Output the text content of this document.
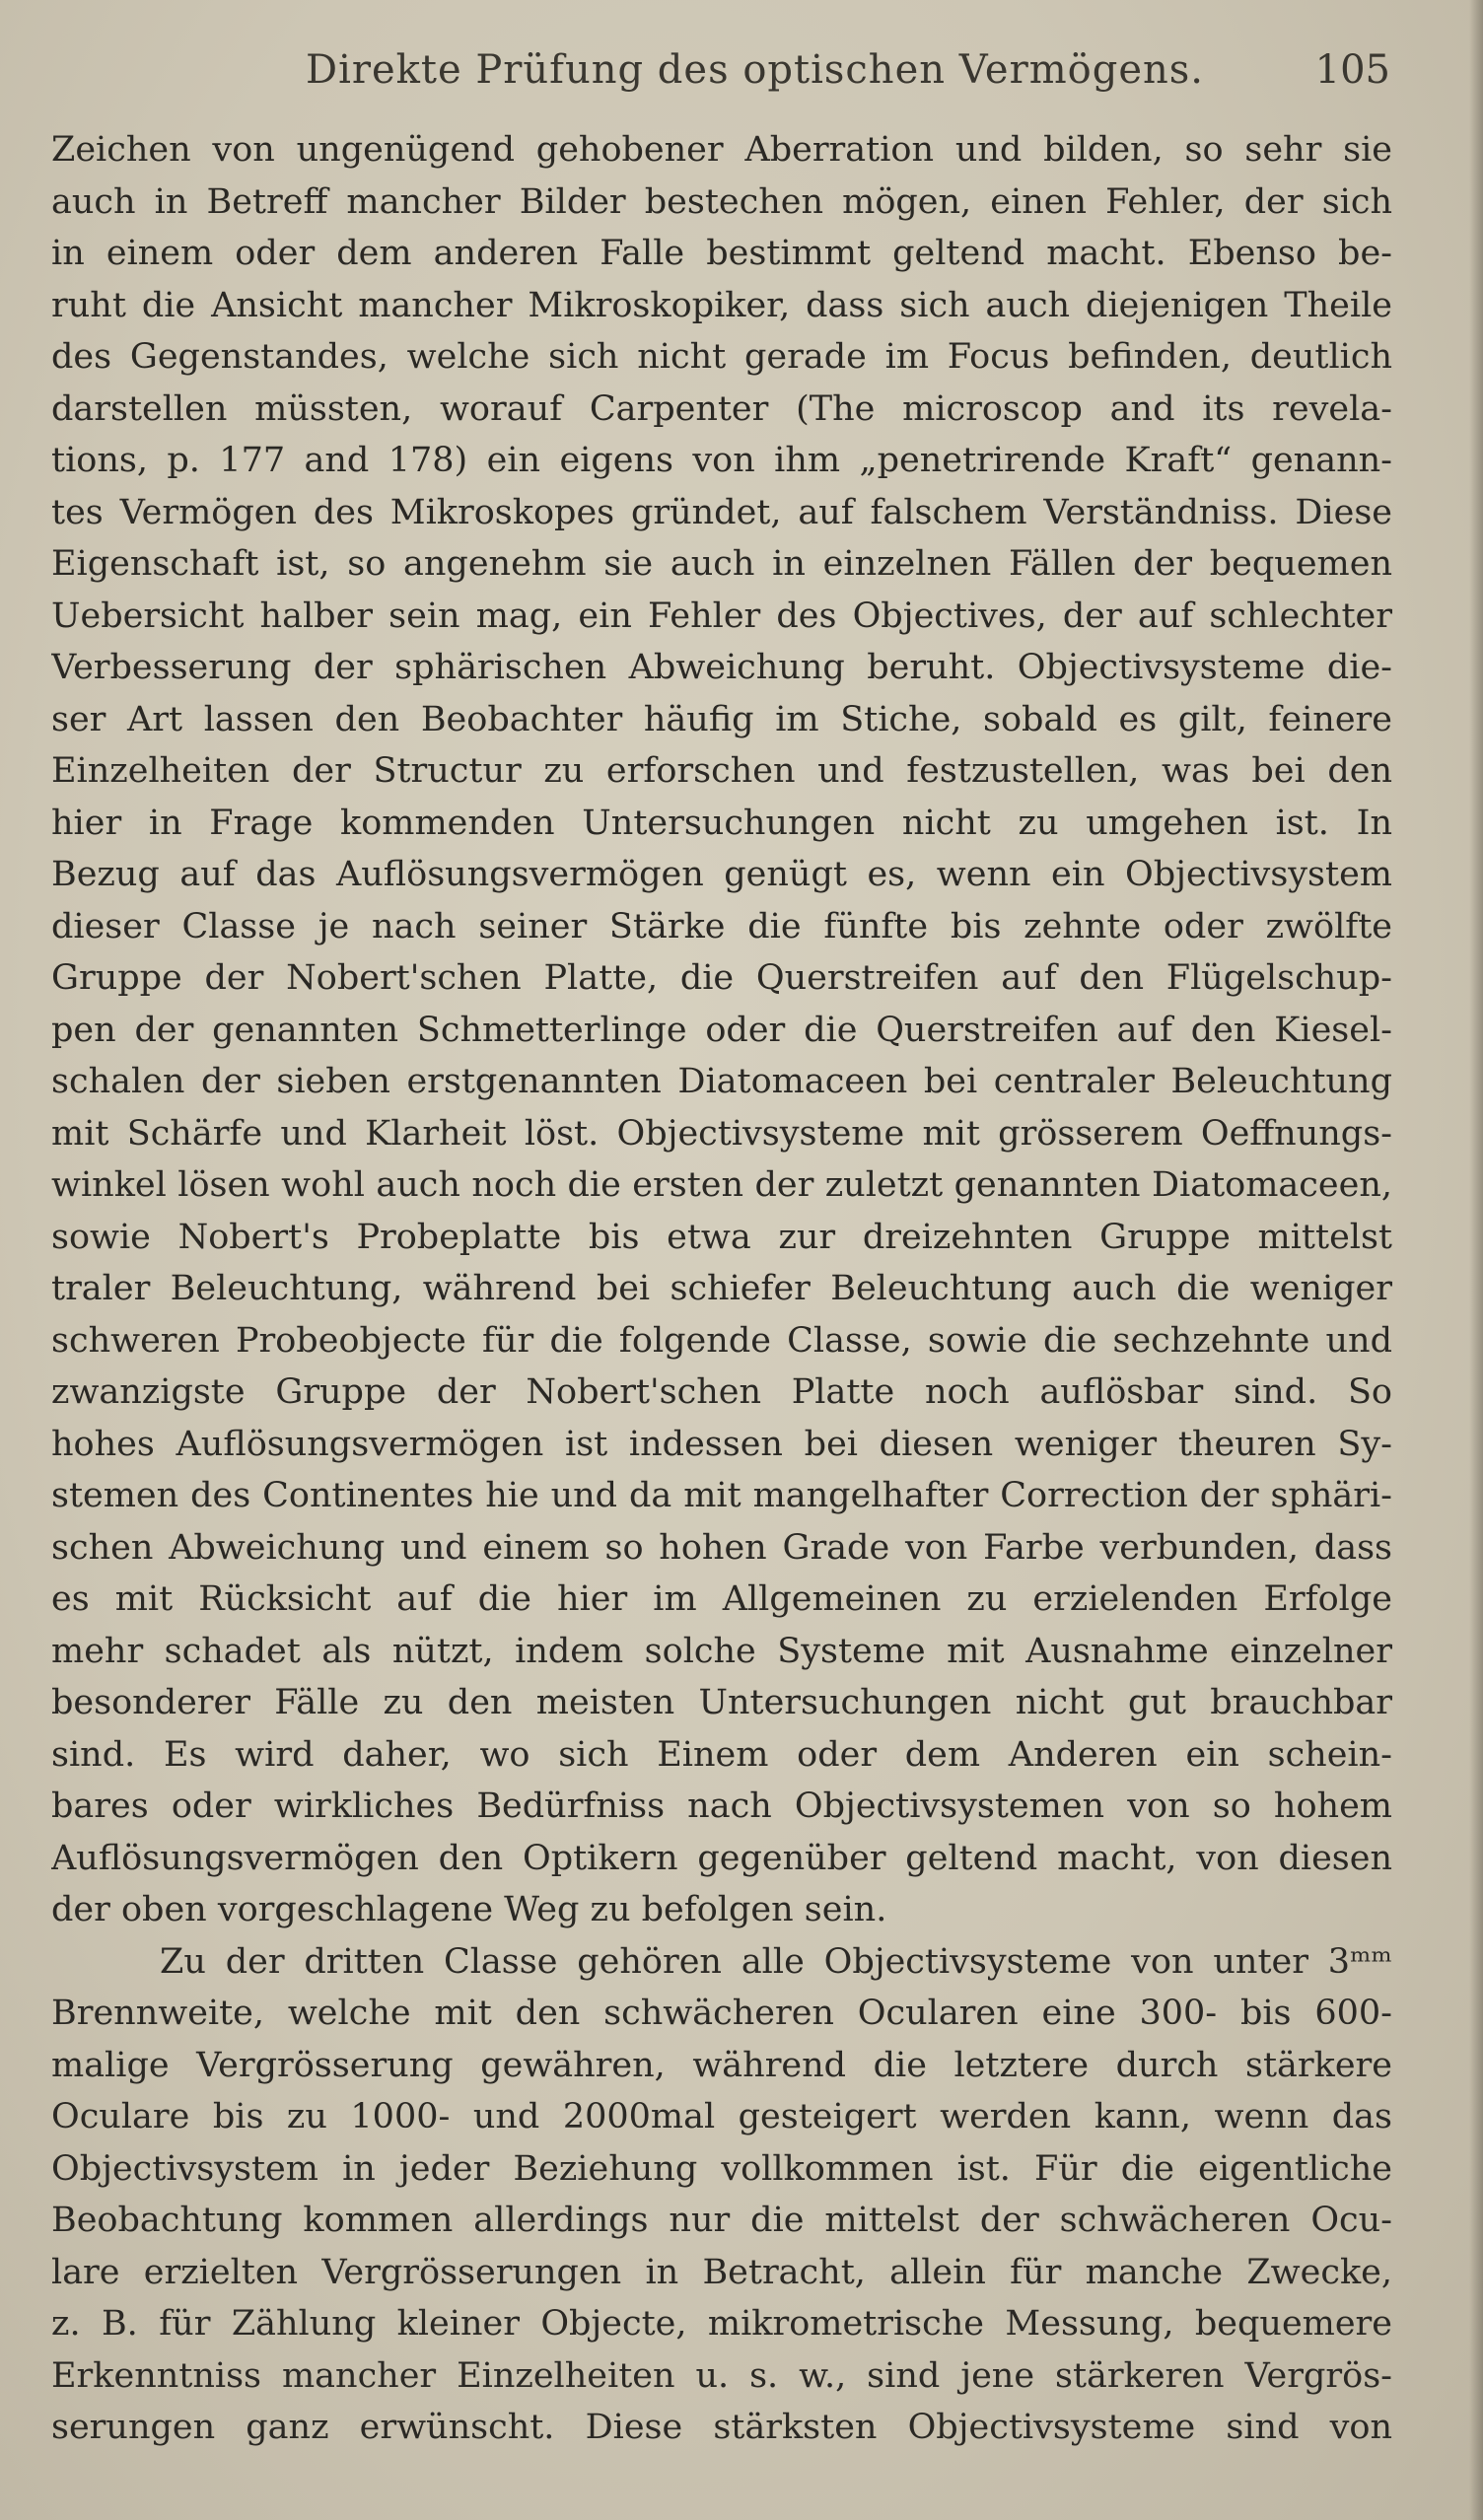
Direkte Prüfung des optischen Vermögens.	105
Zeichen von ungenügend gehobener Aberration und bilden, so sehr sie
auch in Betreff mancher Bilder bestechen mögen, einen Fehler, der sich
in einem oder dem anderen Falle bestimmt geltend macht. Ebenso be-
ruht die Ansicht mancher Mikroskopiker, dass sich auch diejenigen Theile
des Gegenstandes, welche sich nicht gerade im Focus befinden, deutlich
darstellen müssten, worauf Carpenter (The microscop and its revela-
tions, p. 177 and 178) ein eigens von ihm „penetrirende Kraft“ genann-
tes Vermögen des Mikroskopes gründet, auf falschem Verständniss. Diese
Eigenschaft ist, so angenehm sie auch in einzelnen Fällen der bequemen
Uebersicht halber sein mag, ein Fehler des Objectives, der auf schlechter
Verbesserung der sphärischen Abweichung beruht. Objectivsysteme die-
ser Art lassen den Beobachter häufig im Stiche, sobald es gilt, feinere
Einzelheiten der Structur zu erforschen und festzustellen, was bei den
hier in Frage kommenden Untersuchungen nicht zu umgehen ist. In
Bezug auf das Auflösungsvermögen genügt es, wenn ein Objectivsystem
dieser Classe je nach seiner Stärke die fünfte bis zehnte oder zwölfte
Gruppe der Nobert'schen Platte, die Querstreifen auf den Flügelschup-
pen der genannten Schmetterlinge oder die Querstreifen auf den Kiesel-
schalen der sieben erstgenannten Diatomaceen bei centraler Beleuchtung
mit Schärfe und Klarheit löst. Objectivsysteme mit grösserem Oeffnungs-
winkel lösen wohl auch noch die ersten der zuletzt genannten Diatomaceen,
sowie Nobert's Probeplatte bis etwa zur dreizehnten Gruppe mittelst
traler Beleuchtung, während bei schiefer Beleuchtung auch die weniger
schweren Probeobjecte für die folgende Classe, sowie die sechzehnte und
zwanzigste Gruppe der Nobert'schen Platte noch auflösbar sind. So
hohes Auflösungsvermögen ist indessen bei diesen weniger theuren Sy-
stemen des Continentes hie und da mit mangelhafter Correction der sphäri-
schen Abweichung und einem so hohen Grade von Farbe verbunden, dass
es mit Rücksicht auf die hier im Allgemeinen zu erzielenden Erfolge
mehr schadet als nützt, indem solche Systeme mit Ausnahme einzelner
besonderer Fälle zu den meisten Untersuchungen nicht gut brauchbar
sind. Es wird daher, wo sich Einem oder dem Anderen ein schein-
bares oder wirkliches Bedürfniss nach Objectivsystemen von so hohem
Auflösungsvermögen den Optikern gegenüber geltend macht, von diesen
der oben vorgeschlagene Weg zu befolgen sein.
Zu der dritten Classe gehören alle Objectivsysteme von unter 3ᵐᵐ
Brennweite, welche mit den schwächeren Ocularen eine 300- bis 600-
malige Vergrösserung gewähren, während die letztere durch stärkere
Oculare bis zu 1000- und 2000mal gesteigert werden kann, wenn das
Objectivsystem in jeder Beziehung vollkommen ist. Für die eigentliche
Beobachtung kommen allerdings nur die mittelst der schwächeren Ocu-
lare erzielten Vergrösserungen in Betracht, allein für manche Zwecke,
z. B. für Zählung kleiner Objecte, mikrometrische Messung, bequemere
Erkenntniss mancher Einzelheiten u. s. w., sind jene stärkeren Vergrös-
serungen ganz erwünscht. Diese stärksten Objectivsysteme sind von
